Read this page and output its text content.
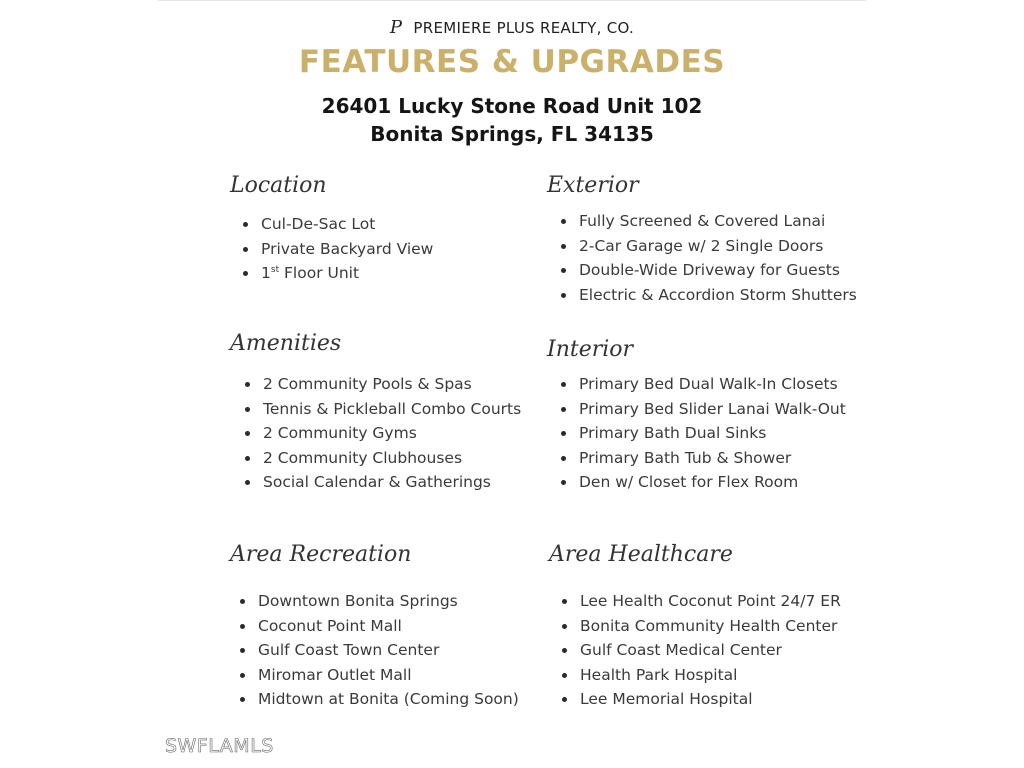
P PREMIERE PLUS REALTY, CO.
FEATURES & UPGRADES
26401 Lucky Stone Road Unit 102
Bonita Springs, FL 34135
Location
Cul-De-Sac Lot
Private Backyard View
1st Floor Unit
Exterior
Fully Screened & Covered Lanai
2-Car Garage w/ 2 Single Doors
Double-Wide Driveway for Guests
Electric & Accordion Storm Shutters
Amenities
2 Community Pools & Spas
Tennis & Pickleball Combo Courts
2 Community Gyms
2 Community Clubhouses
Social Calendar & Gatherings
Interior
Primary Bed Dual Walk-In Closets
Primary Bed Slider Lanai Walk-Out
Primary Bath Dual Sinks
Primary Bath Tub & Shower
Den w/ Closet for Flex Room
Area Recreation
Downtown Bonita Springs
Coconut Point Mall
Gulf Coast Town Center
Miromar Outlet Mall
Midtown at Bonita (Coming Soon)
Area Healthcare
Lee Health Coconut Point 24/7 ER
Bonita Community Health Center
Gulf Coast Medical Center
Health Park Hospital
Lee Memorial Hospital
SWFLAMLS
